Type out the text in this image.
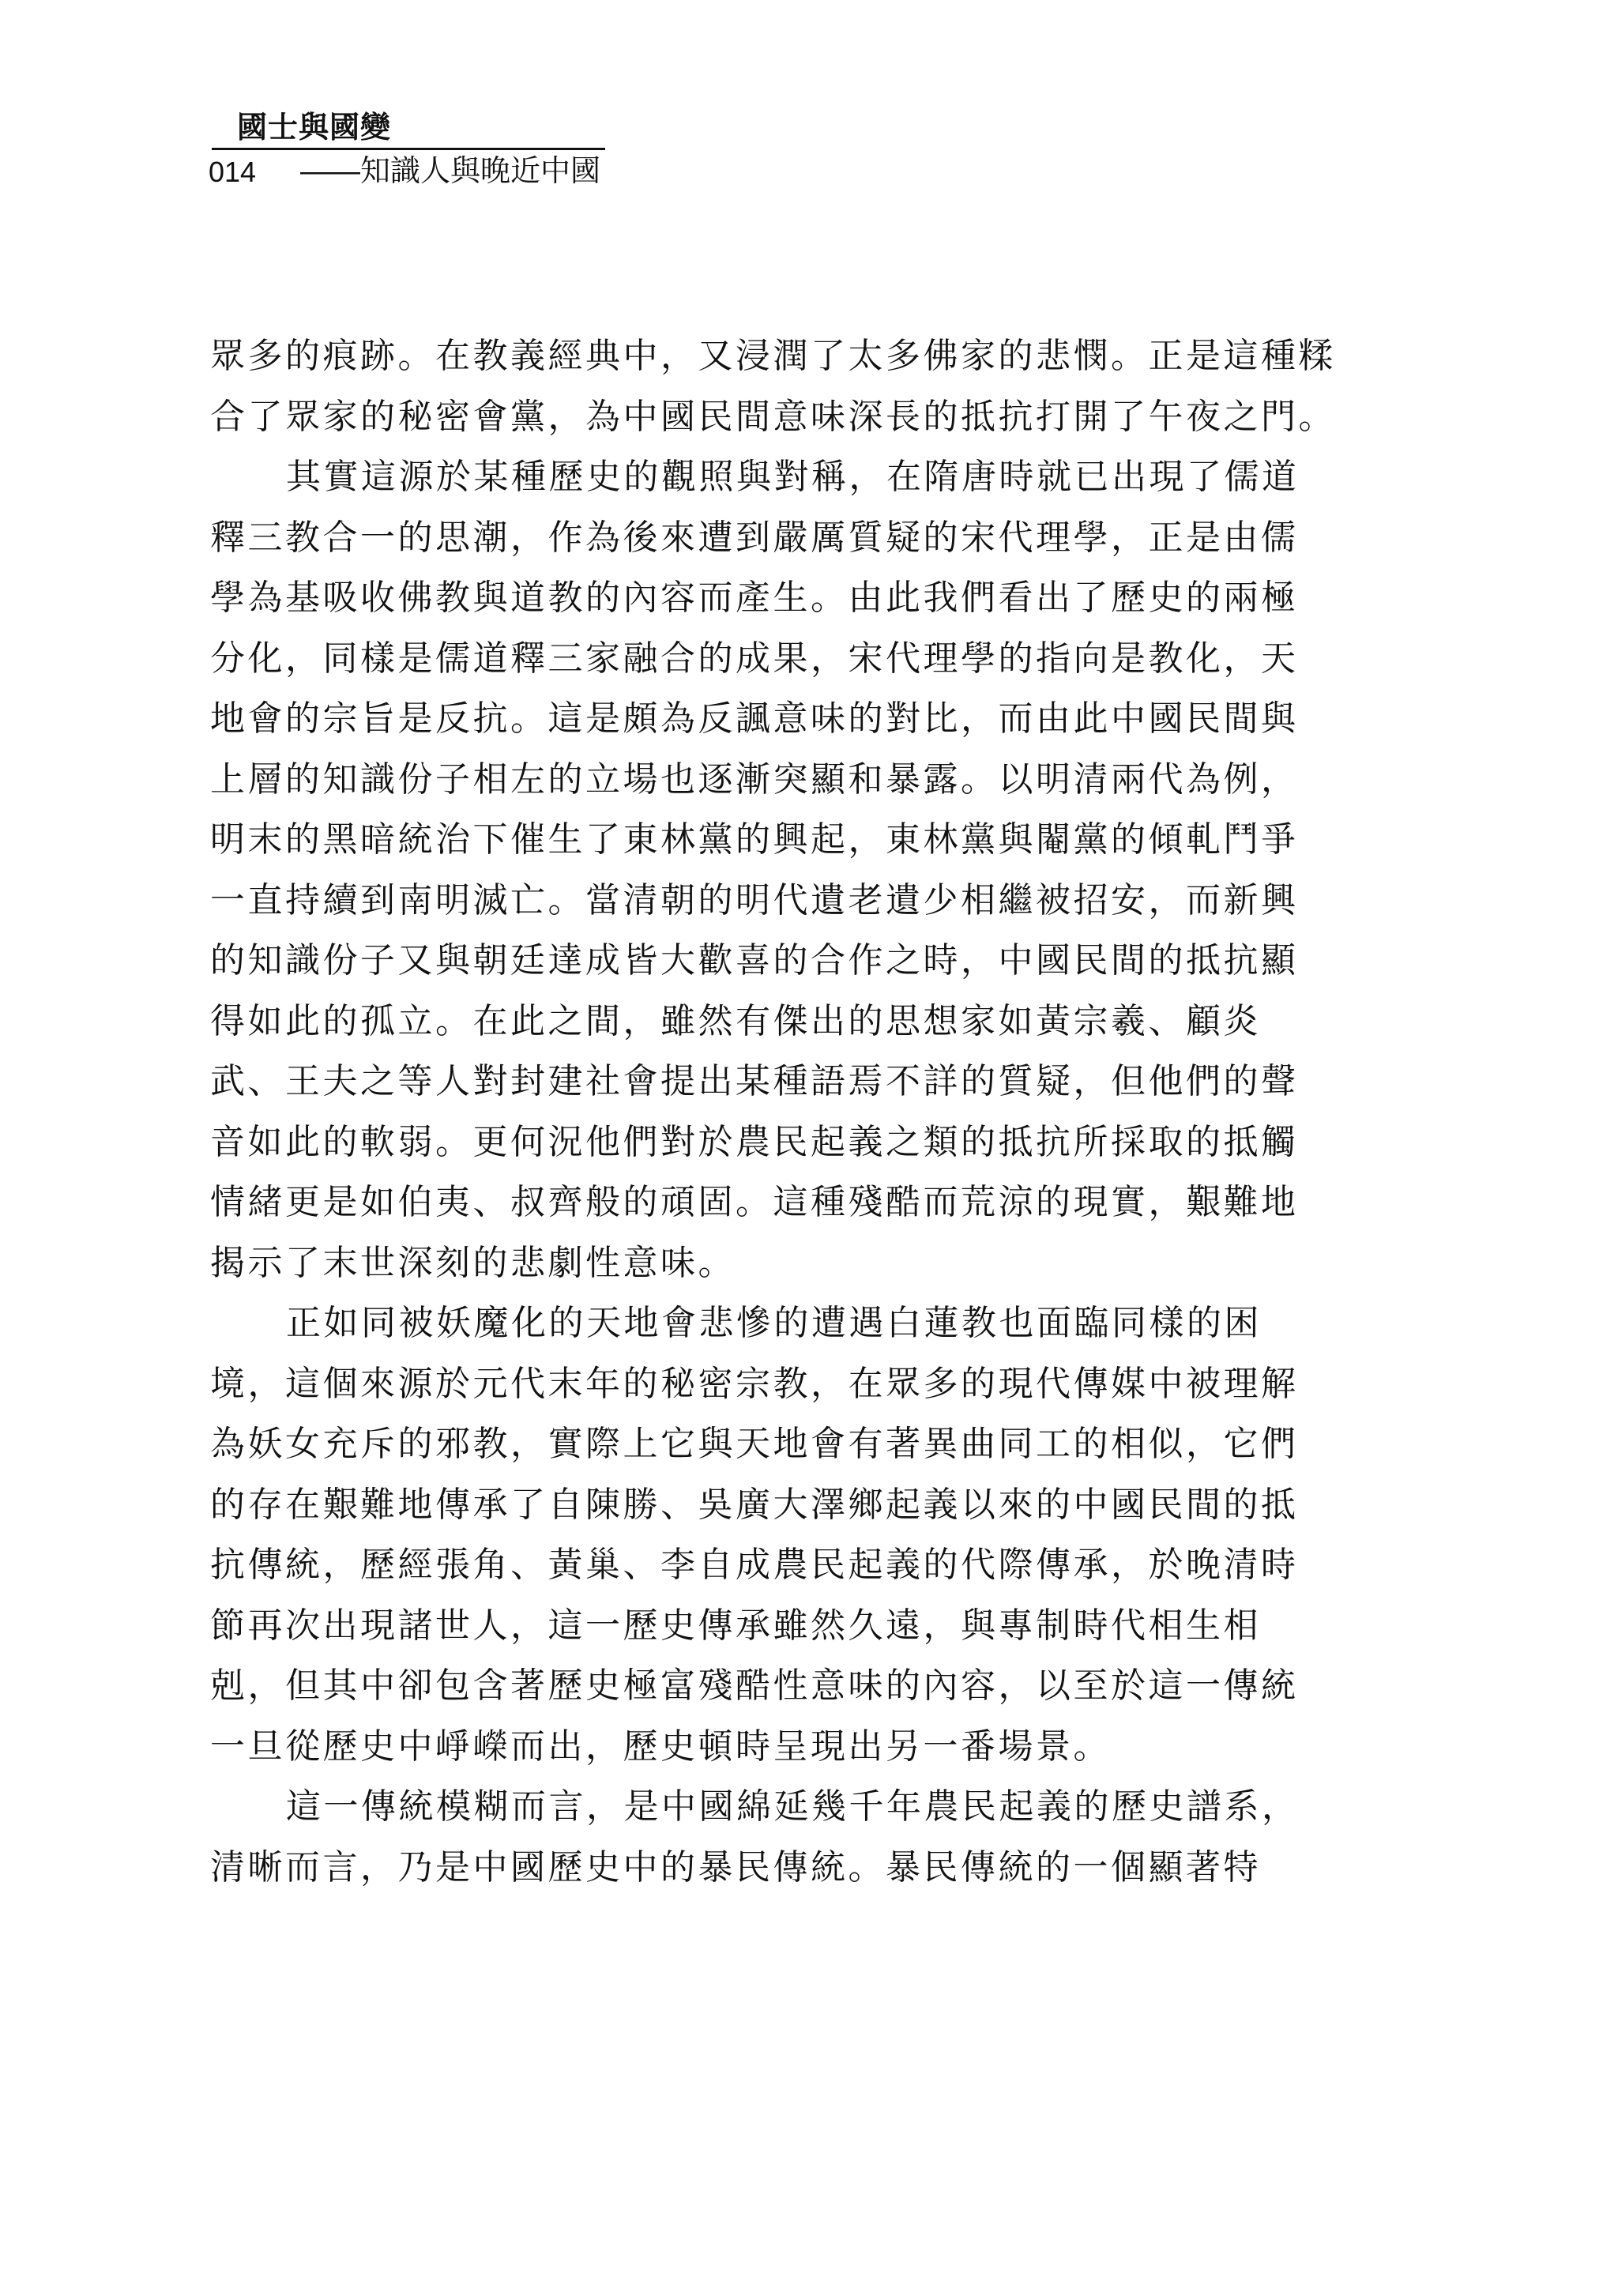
國士與國變
014 ——知識人與晚近中國
眾多的痕跡。在教義經典中，又浸潤了太多佛家的悲憫。正是這種糅
合了眾家的秘密會黨，為中國民間意味深長的抵抗打開了午夜之門。
其實這源於某種歷史的觀照與對稱，在隋唐時就已出現了儒道
釋三教合一的思潮，作為後來遭到嚴厲質疑的宋代理學，正是由儒
學為基吸收佛教與道教的內容而產生。由此我們看出了歷史的兩極
分化，同樣是儒道釋三家融合的成果，宋代理學的指向是教化，天
地會的宗旨是反抗。這是頗為反諷意味的對比，而由此中國民間與
上層的知識份子相左的立場也逐漸突顯和暴露。以明清兩代為例，
明末的黑暗統治下催生了東林黨的興起，東林黨與閹黨的傾軋鬥爭
一直持續到南明滅亡。當清朝的明代遺老遺少相繼被招安，而新興
的知識份子又與朝廷達成皆大歡喜的合作之時，中國民間的抵抗顯
得如此的孤立。在此之間，雖然有傑出的思想家如黃宗羲、顧炎
武、王夫之等人對封建社會提出某種語焉不詳的質疑，但他們的聲
音如此的軟弱。更何況他們對於農民起義之類的抵抗所採取的抵觸
情緒更是如伯夷、叔齊般的頑固。這種殘酷而荒涼的現實，艱難地
揭示了末世深刻的悲劇性意味。
正如同被妖魔化的天地會悲慘的遭遇白蓮教也面臨同樣的困
境，這個來源於元代末年的秘密宗教，在眾多的現代傳媒中被理解
為妖女充斥的邪教，實際上它與天地會有著異曲同工的相似，它們
的存在艱難地傳承了自陳勝、吳廣大澤鄉起義以來的中國民間的抵
抗傳統，歷經張角、黃巢、李自成農民起義的代際傳承，於晚清時
節再次出現諸世人，這一歷史傳承雖然久遠，與專制時代相生相
剋，但其中卻包含著歷史極富殘酷性意味的內容，以至於這一傳統
一旦從歷史中崢嶸而出，歷史頓時呈現出另一番場景。
這一傳統模糊而言，是中國綿延幾千年農民起義的歷史譜系，
清晰而言，乃是中國歷史中的暴民傳統。暴民傳統的一個顯著特
